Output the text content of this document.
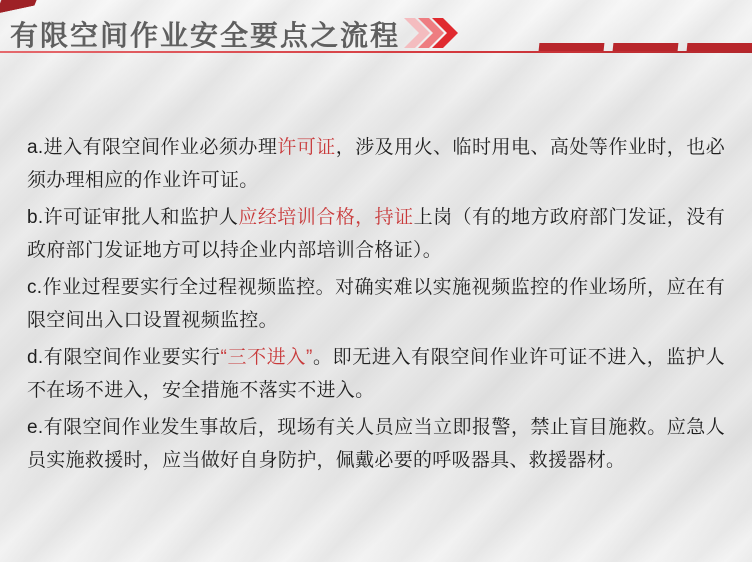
有限空间作业安全要点之流程

a.进入有限空间作业必须办理许可证，涉及用火、临时用电、高处等作业时，也必须办理相应的作业许可证。

b.许可证审批人和监护人应经培训合格，持证上岗（有的地方政府部门发证，没有政府部门发证地方可以持企业内部培训合格证）。

c.作业过程要实行全过程视频监控。对确实难以实施视频监控的作业场所，应在有限空间出入口设置视频监控。

d.有限空间作业要实行“三不进入”。即无进入有限空间作业许可证不进入，监护人不在场不进入，安全措施不落实不进入。

e.有限空间作业发生事故后，现场有关人员应当立即报警，禁止盲目施救。应急人员实施救援时，应当做好自身防护，佩戴必要的呼吸器具、救援器材。
